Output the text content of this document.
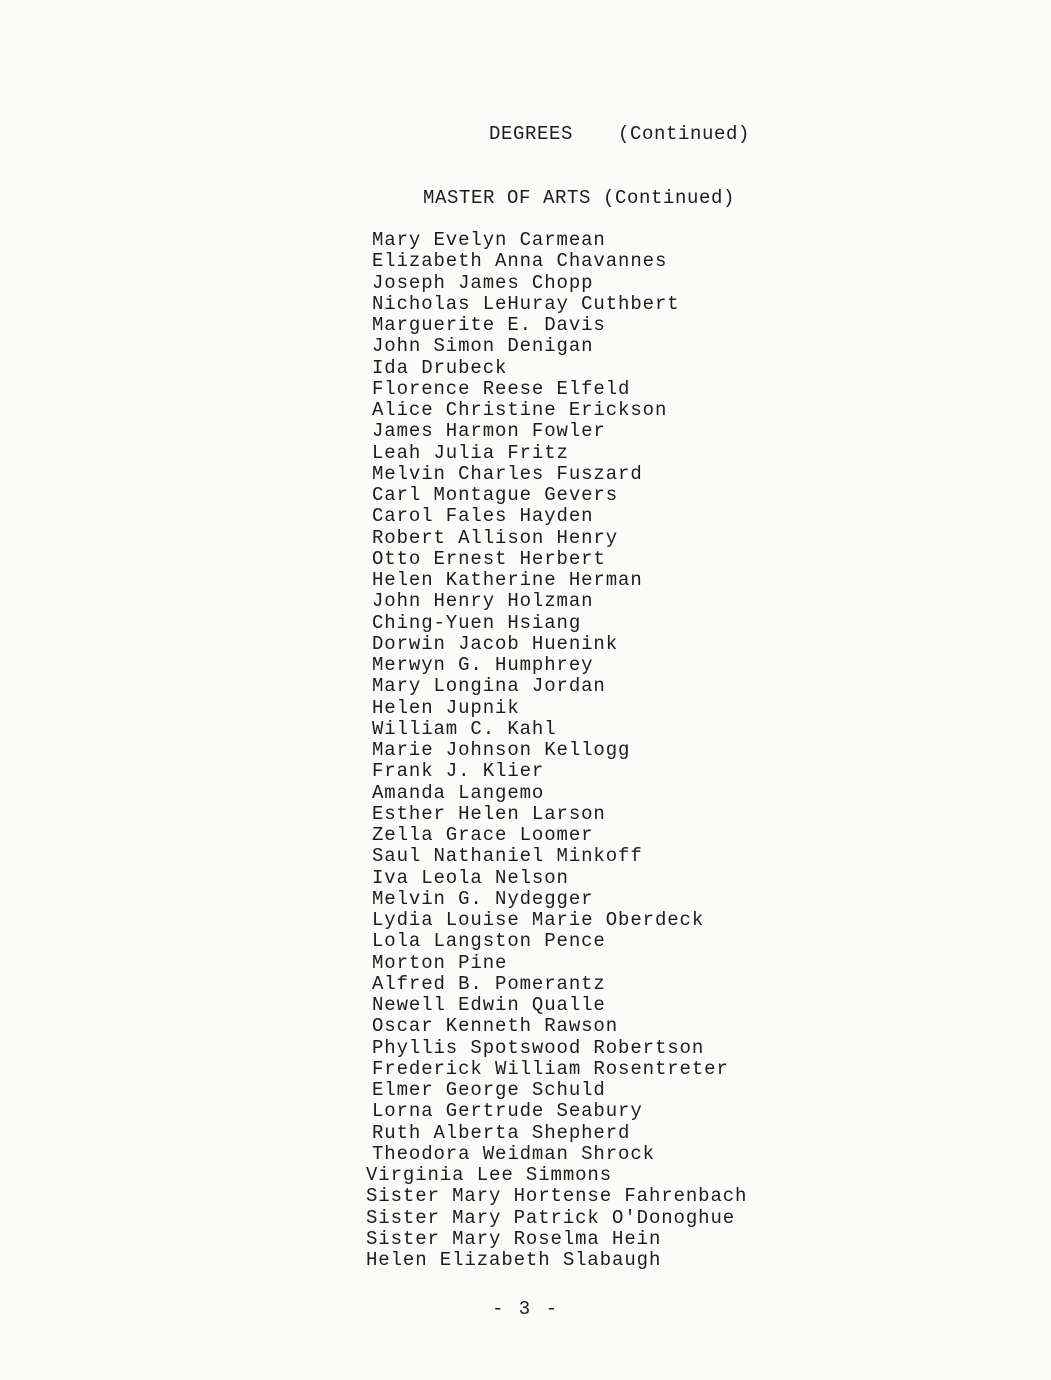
DEGREES (Continued)
MASTER OF ARTS (Continued)
Mary Evelyn Carmean
Elizabeth Anna Chavannes
Joseph James Chopp
Nicholas LeHuray Cuthbert
Marguerite E. Davis
John Simon Denigan
Ida Drubeck
Florence Reese Elfeld
Alice Christine Erickson
James Harmon Fowler
Leah Julia Fritz
Melvin Charles Fuszard
Carl Montague Gevers
Carol Fales Hayden
Robert Allison Henry
Otto Ernest Herbert
Helen Katherine Herman
John Henry Holzman
Ching-Yuen Hsiang
Dorwin Jacob Huenink
Merwyn G. Humphrey
Mary Longina Jordan
Helen Jupnik
William C. Kahl
Marie Johnson Kellogg
Frank J. Klier
Amanda Langemo
Esther Helen Larson
Zella Grace Loomer
Saul Nathaniel Minkoff
Iva Leola Nelson
Melvin G. Nydegger
Lydia Louise Marie Oberdeck
Lola Langston Pence
Morton Pine
Alfred B. Pomerantz
Newell Edwin Qualle
Oscar Kenneth Rawson
Phyllis Spotswood Robertson
Frederick William Rosentreter
Elmer George Schuld
Lorna Gertrude Seabury
Ruth Alberta Shepherd
Theodora Weidman Shrock
Virginia Lee Simmons
Sister Mary Hortense Fahrenbach
Sister Mary Patrick O'Donoghue
Sister Mary Roselma Hein
Helen Elizabeth Slabaugh
- 3 -
